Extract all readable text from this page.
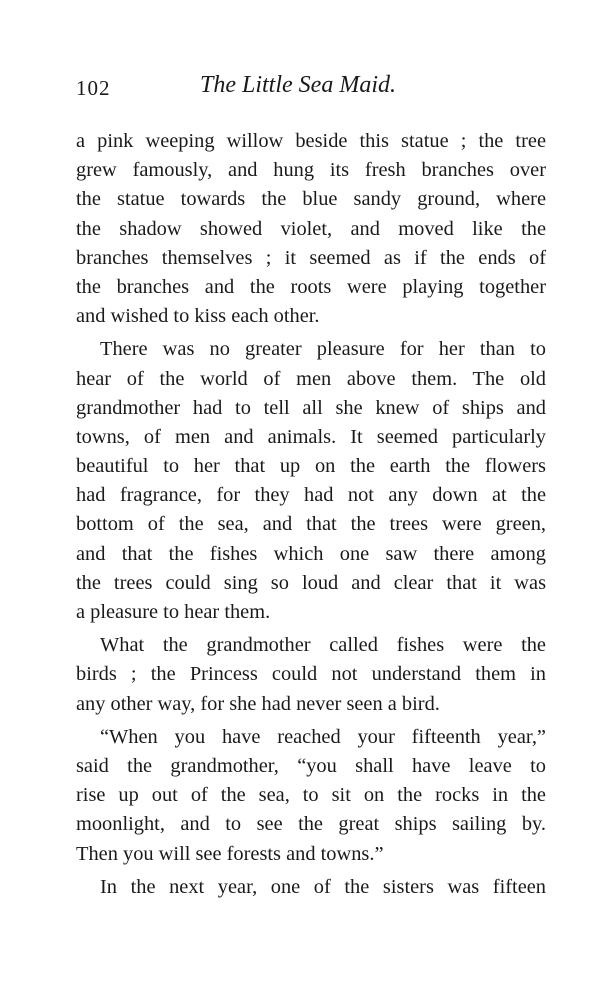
102	The Little Sea Maid.
a pink weeping willow beside this statue ; the tree
grew famously, and hung its fresh branches over
the statue towards the blue sandy ground, where
the shadow showed violet, and moved like the
branches themselves ; it seemed as if the ends of
the branches and the roots were playing together
and wished to kiss each other.
There was no greater pleasure for her than to
hear of the world of men above them. The old
grandmother had to tell all she knew of ships and
towns, of men and animals. It seemed particularly
beautiful to her that up on the earth the flowers
had fragrance, for they had not any down at the
bottom of the sea, and that the trees were green,
and that the fishes which one saw there among
the trees could sing so loud and clear that it was
a pleasure to hear them.
What the grandmother called fishes were the
birds ; the Princess could not understand them in
any other way, for she had never seen a bird.
“When you have reached your fifteenth year,”
said the grandmother, “you shall have leave to
rise up out of the sea, to sit on the rocks in the
moonlight, and to see the great ships sailing by.
Then you will see forests and towns.”
In the next year, one of the sisters was fifteen
